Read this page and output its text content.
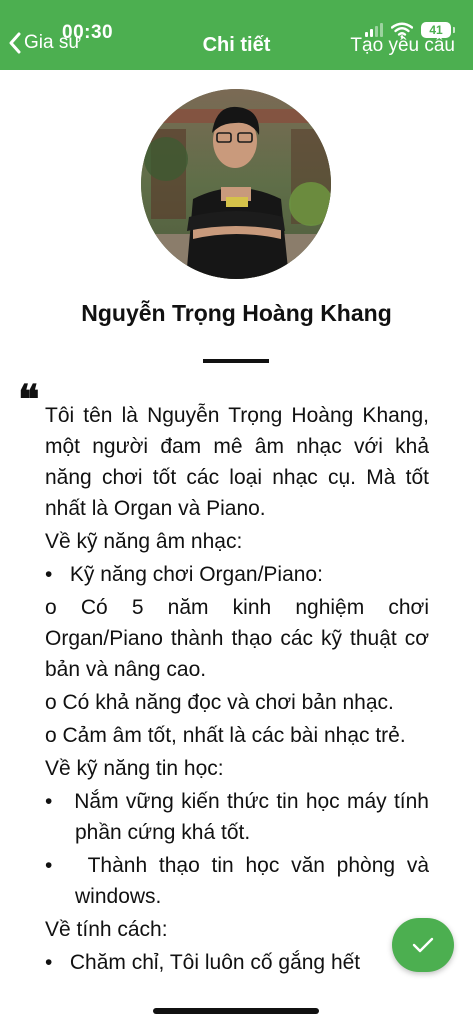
00:30	41
Gia sư	Chi tiết	Tạo yêu cầu
Nguyễn Trọng Hoàng Khang
❝ Tôi tên là Nguyễn Trọng Hoàng Khang, một người đam mê âm nhạc với khả năng chơi tốt các loại nhạc cụ. Mà tốt nhất là Organ và Piano.

Về kỹ năng âm nhạc:

•   Kỹ năng chơi Organ/Piano:

o Có 5 năm kinh nghiệm chơi Organ/Piano thành thạo các kỹ thuật cơ bản và nâng cao.

o Có khả năng đọc và chơi bản nhạc.

o Cảm âm tốt, nhất là các bài nhạc trẻ.

Về kỹ năng tin học:

•   Nắm vững kiến thức tin học máy tính phần cứng khá tốt.

•   Thành thạo tin học văn phòng và windows.

Về tính cách:

•   Chăm chỉ, Tôi luôn cố gắng hết
